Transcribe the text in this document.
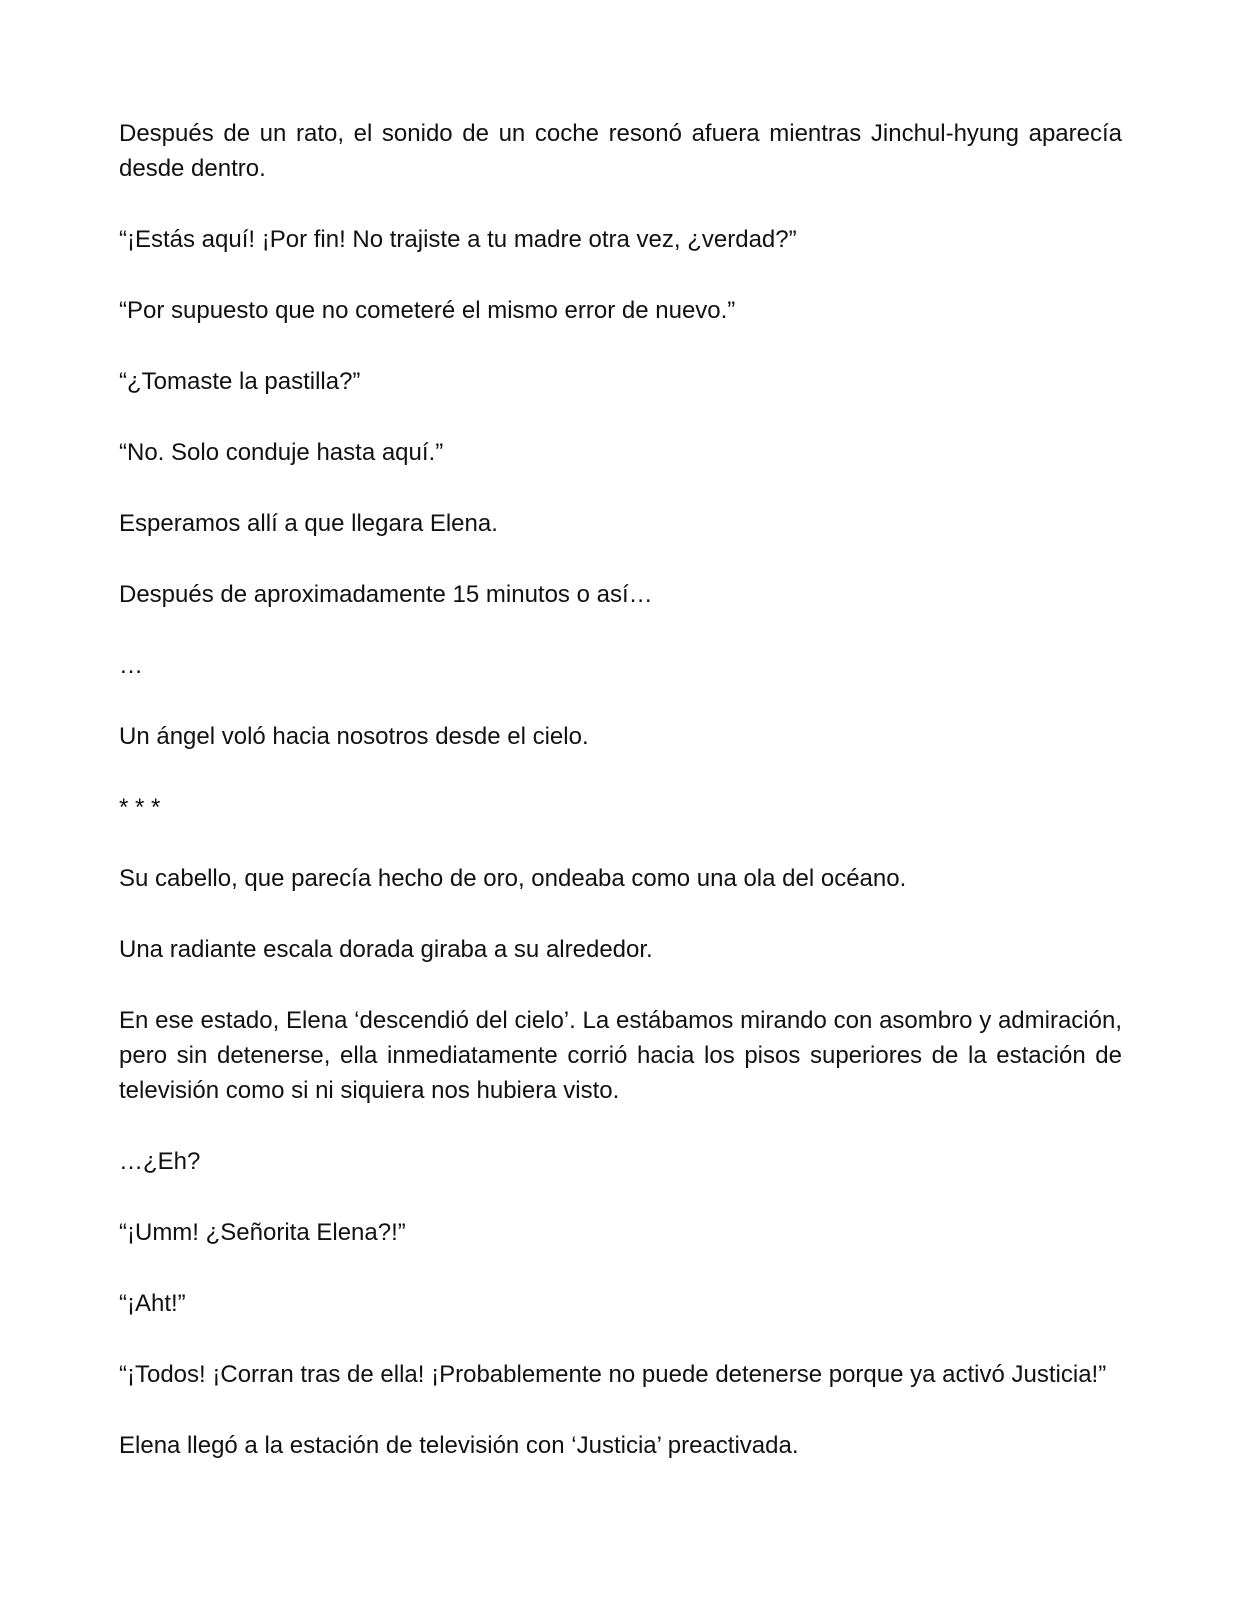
Después de un rato, el sonido de un coche resonó afuera mientras Jinchul-hyung aparecía desde dentro.

“¡Estás aquí! ¡Por fin! No trajiste a tu madre otra vez, ¿verdad?”

“Por supuesto que no cometeré el mismo error de nuevo.”

“¿Tomaste la pastilla?”

“No. Solo conduje hasta aquí.”

Esperamos allí a que llegara Elena.

Después de aproximadamente 15 minutos o así…

…

Un ángel voló hacia nosotros desde el cielo.

* * *

Su cabello, que parecía hecho de oro, ondeaba como una ola del océano.

Una radiante escala dorada giraba a su alrededor.

En ese estado, Elena ‘descendió del cielo’. La estábamos mirando con asombro y admiración, pero sin detenerse, ella inmediatamente corrió hacia los pisos superiores de la estación de televisión como si ni siquiera nos hubiera visto.

…¿Eh?

“¡Umm! ¿Señorita Elena?!”

“¡Aht!”

“¡Todos! ¡Corran tras de ella! ¡Probablemente no puede detenerse porque ya activó Justicia!”

Elena llegó a la estación de televisión con ‘Justicia’ preactivada.
